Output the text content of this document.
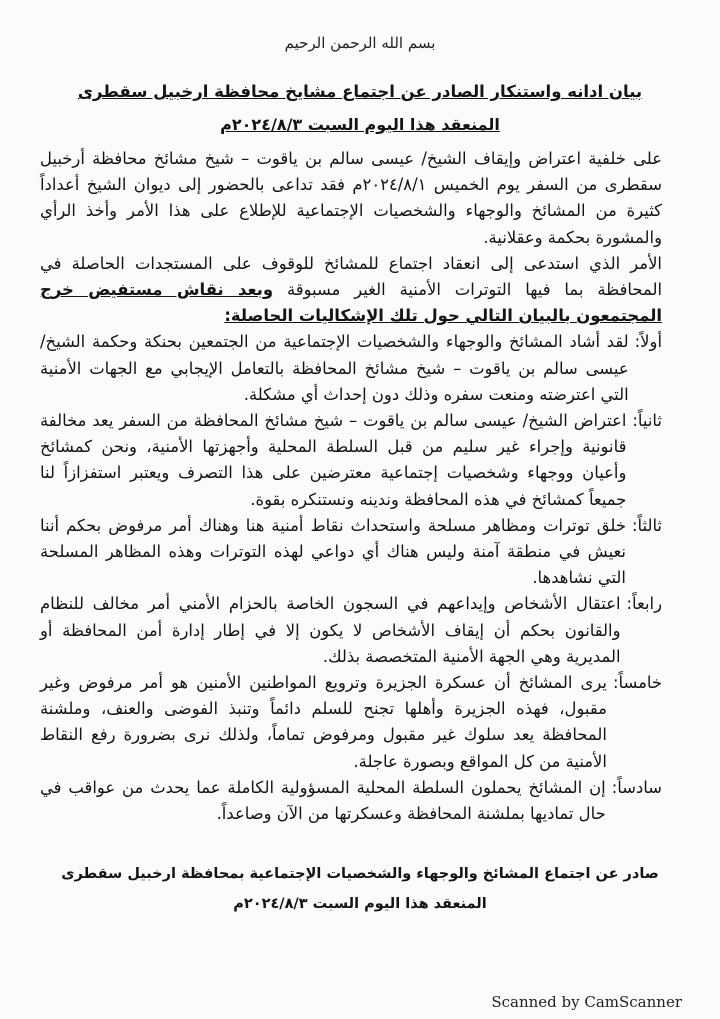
بسم الله الرحمن الرحيم
بيان ادانه واستنكار الصادر عن اجتماع مشايخ محافظة ارخبيل سقطرى
المنعقد هذا اليوم السبت ٢٠٢٤/٨/٣م

على خلفية اعتراض وإيقاف الشيخ/ عيسى سالم بن ياقوت – شيخ مشائخ محافظة أرخبيل سقطرى من السفر يوم الخميس ٢٠٢٤/٨/١م فقد تداعى بالحضور إلى ديوان الشيخ أعداداً كثيرة من المشائخ والوجهاء والشخصيات الإجتماعية للإطلاع على هذا الأمر وأخذ الرأي والمشورة بحكمة وعقلانية.

الأمر الذي استدعى إلى انعقاد اجتماع للمشائخ للوقوف على المستجدات الحاصلة في المحافظة بما فيها التوترات الأمنية الغير مسبوقة وبعد نقاش مستفيض خرج المجتمعون بالبيان التالي حول تلك الإشكاليات الحاصلة:

أولاً:
لقد أشاد المشائخ والوجهاء والشخصيات الإجتماعية من الجتمعين بحنكة وحكمة الشيخ/ عيسى سالم بن ياقوت – شيخ مشائخ المحافظة بالتعامل الإيجابي مع الجهات الأمنية التي اعترضته ومنعت سفره وذلك دون إحداث أي مشكلة.
ثانياً:
اعتراض الشيخ/ عيسى سالم بن ياقوت – شيخ مشائخ المحافظة من السفر يعد مخالفة قانونية وإجراء غير سليم من قبل السلطة المحلية وأجهزتها الأمنية، ونحن كمشائخ وأعيان ووجهاء وشخصيات إجتماعية معترضين على هذا التصرف ويعتبر استفزازاً لنا جميعاً كمشائخ في هذه المحافظة وندينه ونستنكره بقوة.
ثالثاً:
خلق توترات ومظاهر مسلحة واستحداث نقاط أمنية هنا وهناك أمر مرفوض بحكم أننا نعيش في منطقة آمنة وليس هناك أي دواعي لهذه التوترات وهذه المظاهر المسلحة التي نشاهدها.
رابعاً:
اعتقال الأشخاص وإيداعهم في السجون الخاصة بالحزام الأمني أمر مخالف للنظام والقانون بحكم أن إيقاف الأشخاص لا يكون إلا في إطار إدارة أمن المحافظة أو المديرية وهي الجهة الأمنية المتخصصة بذلك.
خامساً:
يرى المشائخ أن عسكرة الجزيرة وترويع المواطنين الأمنين هو أمر مرفوض وغير مقبول، فهذه الجزيرة وأهلها تجنح للسلم دائماً وتنبذ الفوضى والعنف، وملشنة المحافظة يعد سلوك غير مقبول ومرفوض تماماً، ولذلك نرى بضرورة رفع النقاط الأمنية من كل المواقع وبصورة عاجلة.
سادساً:
إن المشائخ يحملون السلطة المحلية المسؤولية الكاملة عما يحدث من عواقب في حال تماديها بملشنة المحافظة وعسكرتها من الآن وصاعداً.
صادر عن اجتماع المشائخ والوجهاء والشخصيات الإجتماعية بمحافظة ارخبيل سقطرى
المنعقد هذا اليوم السبت ٢٠٢٤/٨/٣م
Scanned by CamScanner
